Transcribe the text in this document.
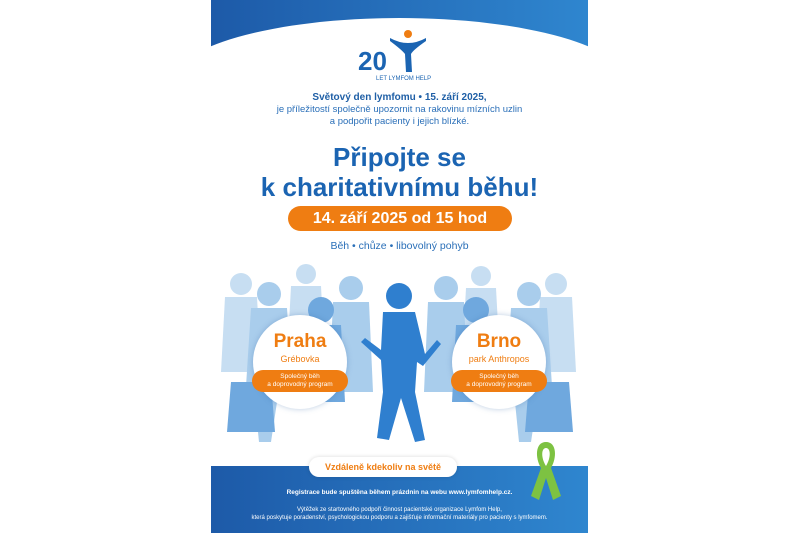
20
LET LYMFOM HELP
Světový den lymfomu • 15. září 2025,
je příležitostí společně upozornit na rakovinu mízních uzlin
a podpořit pacienty i jejich blízké.
Připojte se
k charitativnímu běhu!
14. září 2025 od 15 hod
Běh • chůze • libovolný pohyb
Praha
Grébovka
Společný běh
a doprovodný program
Brno
park Anthropos
Společný běh
a doprovodný program
Vzdáleně kdekoliv na světě
Registrace bude spuštěna během prázdnin na webu www.lymfomhelp.cz.
Výtěžek ze startovného podpoří činnost pacientské organizace Lymfom Help,
která poskytuje poradenství, psychologickou podporu a zajišťuje informační materiály pro pacienty s lymfomem.
